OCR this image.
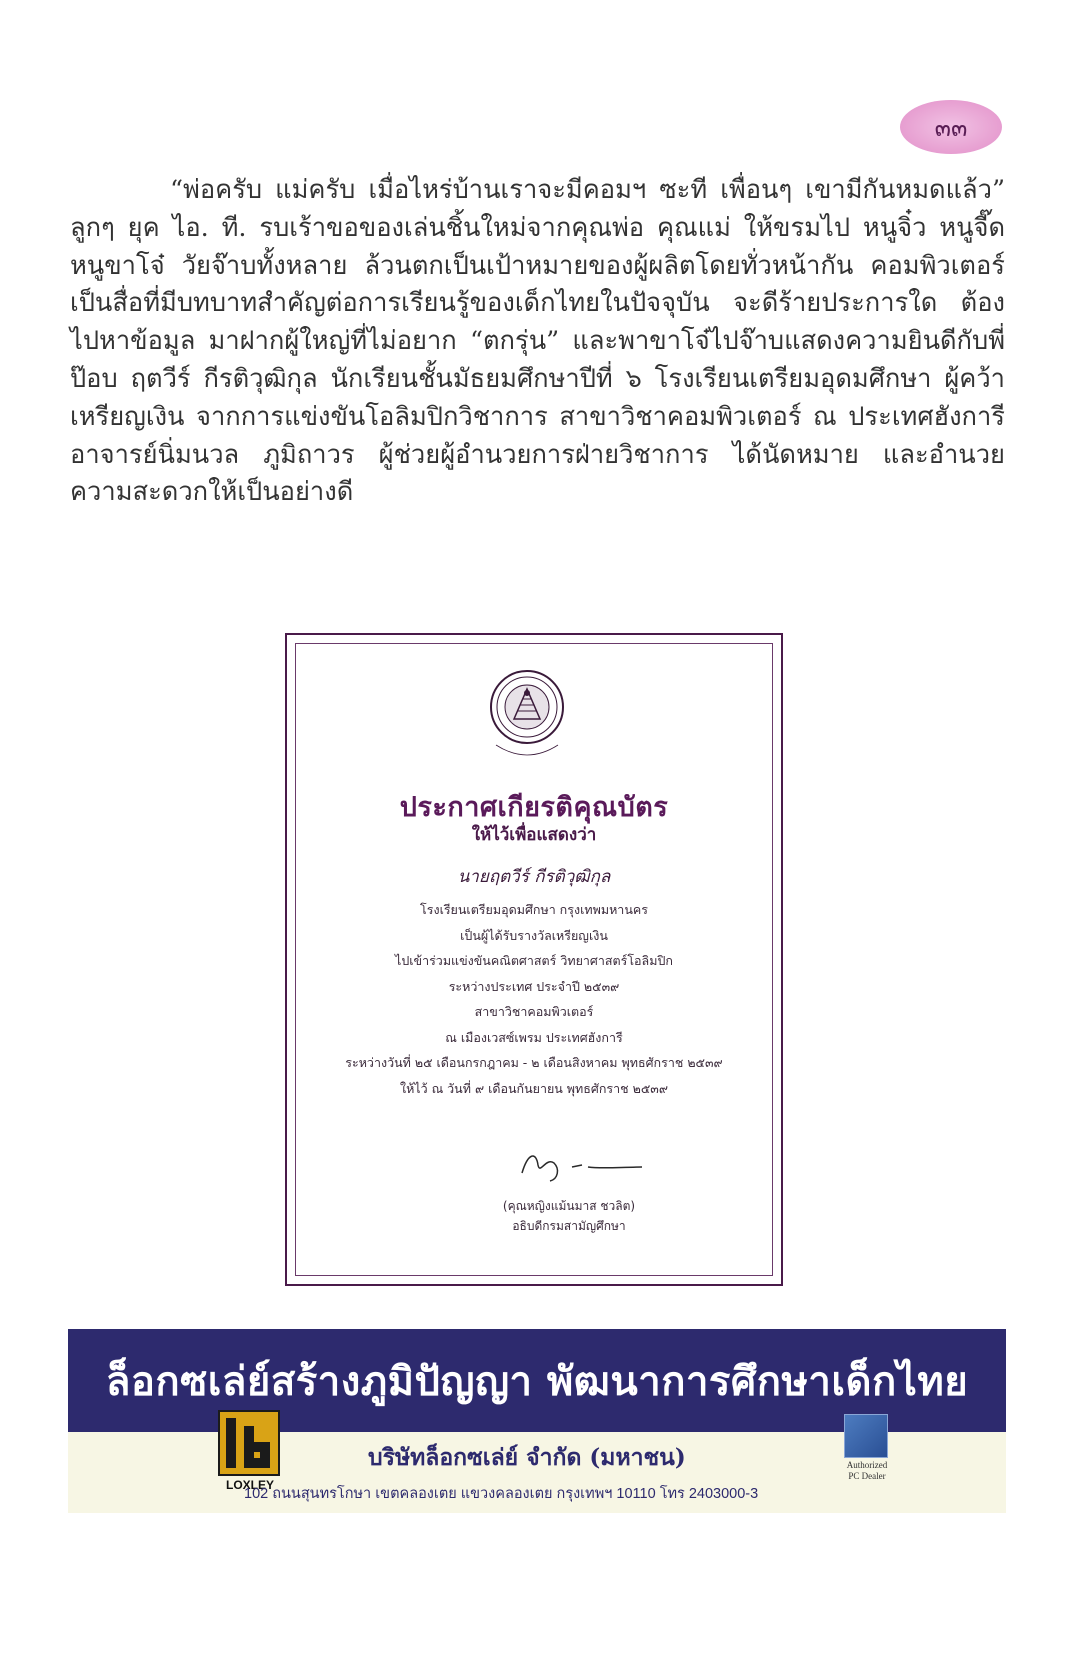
๓๓

“พ่อครับ แม่ครับ เมื่อไหร่บ้านเราจะมีคอมฯ ซะที เพื่อนๆ เขามีกันหมดแล้ว”

ลูกๆ ยุค ไอ. ที. รบเร้าขอของเล่นชิ้นใหม่จากคุณพ่อ คุณแม่ ให้ขรมไป หนูจิ๋ว หนูจี๊ด

หนูขาโจ๋ วัยจ๊าบทั้งหลาย ล้วนตกเป็นเป้าหมายของผู้ผลิตโดยทั่วหน้ากัน คอมพิวเตอร์

เป็นสื่อที่มีบทบาทสำคัญต่อการเรียนรู้ของเด็กไทยในปัจจุบัน จะดีร้ายประการใด ต้อง

ไปหาข้อมูล มาฝากผู้ใหญ่ที่ไม่อยาก “ตกรุ่น” และพาขาโจ๋ไปจ๊าบแสดงความยินดีกับพี่

ป๊อบ ฤตวีร์ กีรติวุฒิกุล นักเรียนชั้นมัธยมศึกษาปีที่ ๖ โรงเรียนเตรียมอุดมศึกษา ผู้คว้า

เหรียญเงิน จากการแข่งขันโอลิมปิกวิชาการ สาขาวิชาคอมพิวเตอร์ ณ ประเทศฮังการี

อาจารย์นิ่มนวล ภูมิถาวร ผู้ช่วยผู้อำนวยการฝ่ายวิชาการ ได้นัดหมาย และอำนวย

ความสะดวกให้เป็นอย่างดี

ประกาศเกียรติคุณบัตร
ให้ไว้เพื่อแสดงว่า
นายฤตวีร์ กีรติวุฒิกุล
โรงเรียนเตรียมอุดมศึกษา กรุงเทพมหานคร
เป็นผู้ได้รับรางวัลเหรียญเงิน
ไปเข้าร่วมแข่งขันคณิตศาสตร์ วิทยาศาสตร์โอลิมปิก
ระหว่างประเทศ ประจำปี ๒๕๓๙
สาขาวิชาคอมพิวเตอร์
ณ เมืองเวสซ์เพรม ประเทศฮังการี
ระหว่างวันที่ ๒๕ เดือนกรกฎาคม - ๒ เดือนสิงหาคม พุทธศักราช ๒๕๓๙
ให้ไว้ ณ วันที่ ๙ เดือนกันยายน พุทธศักราช ๒๕๓๙
(คุณหญิงแม้นมาส ชวลิต)
อธิบดีกรมสามัญศึกษา
ล็อกซเล่ย์สร้างภูมิปัญญา พัฒนาการศึกษาเด็กไทย
LOXLEY
บริษัทล็อกซเล่ย์ จำกัด (มหาชน)
102 ถนนสุนทรโกษา เขตคลองเตย แขวงคลองเตย กรุงเทพฯ 10110 โทร 2403000-3
Authorized
PC Dealer
